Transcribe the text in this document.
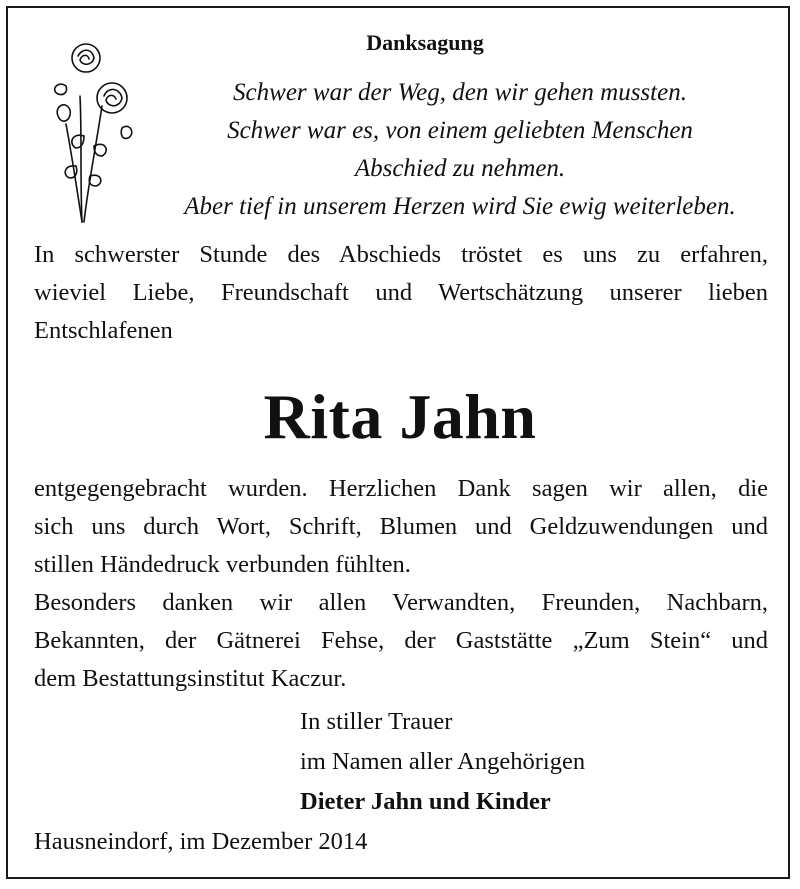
Danksagung
Schwer war der Weg, den wir gehen mussten.
Schwer war es, von einem geliebten Menschen
Abschied zu nehmen.
Aber tief in unserem Herzen wird Sie ewig weiterleben.
In schwerster Stunde des Abschieds tröstet es uns zu erfahren,
wieviel Liebe, Freundschaft und Wertschätzung unserer lieben
Entschlafenen
Rita Jahn
entgegengebracht wurden. Herzlichen Dank sagen wir allen, die
sich uns durch Wort, Schrift, Blumen und Geldzuwendungen und
stillen Händedruck verbunden fühlten.
Besonders danken wir allen Verwandten, Freunden, Nachbarn,
Bekannten, der Gätnerei Fehse, der Gaststätte „Zum Stein“ und
dem Bestattungsinstitut Kaczur.
In stiller Trauer
im Namen aller Angehörigen
Dieter Jahn und Kinder
Hausneindorf, im Dezember 2014
